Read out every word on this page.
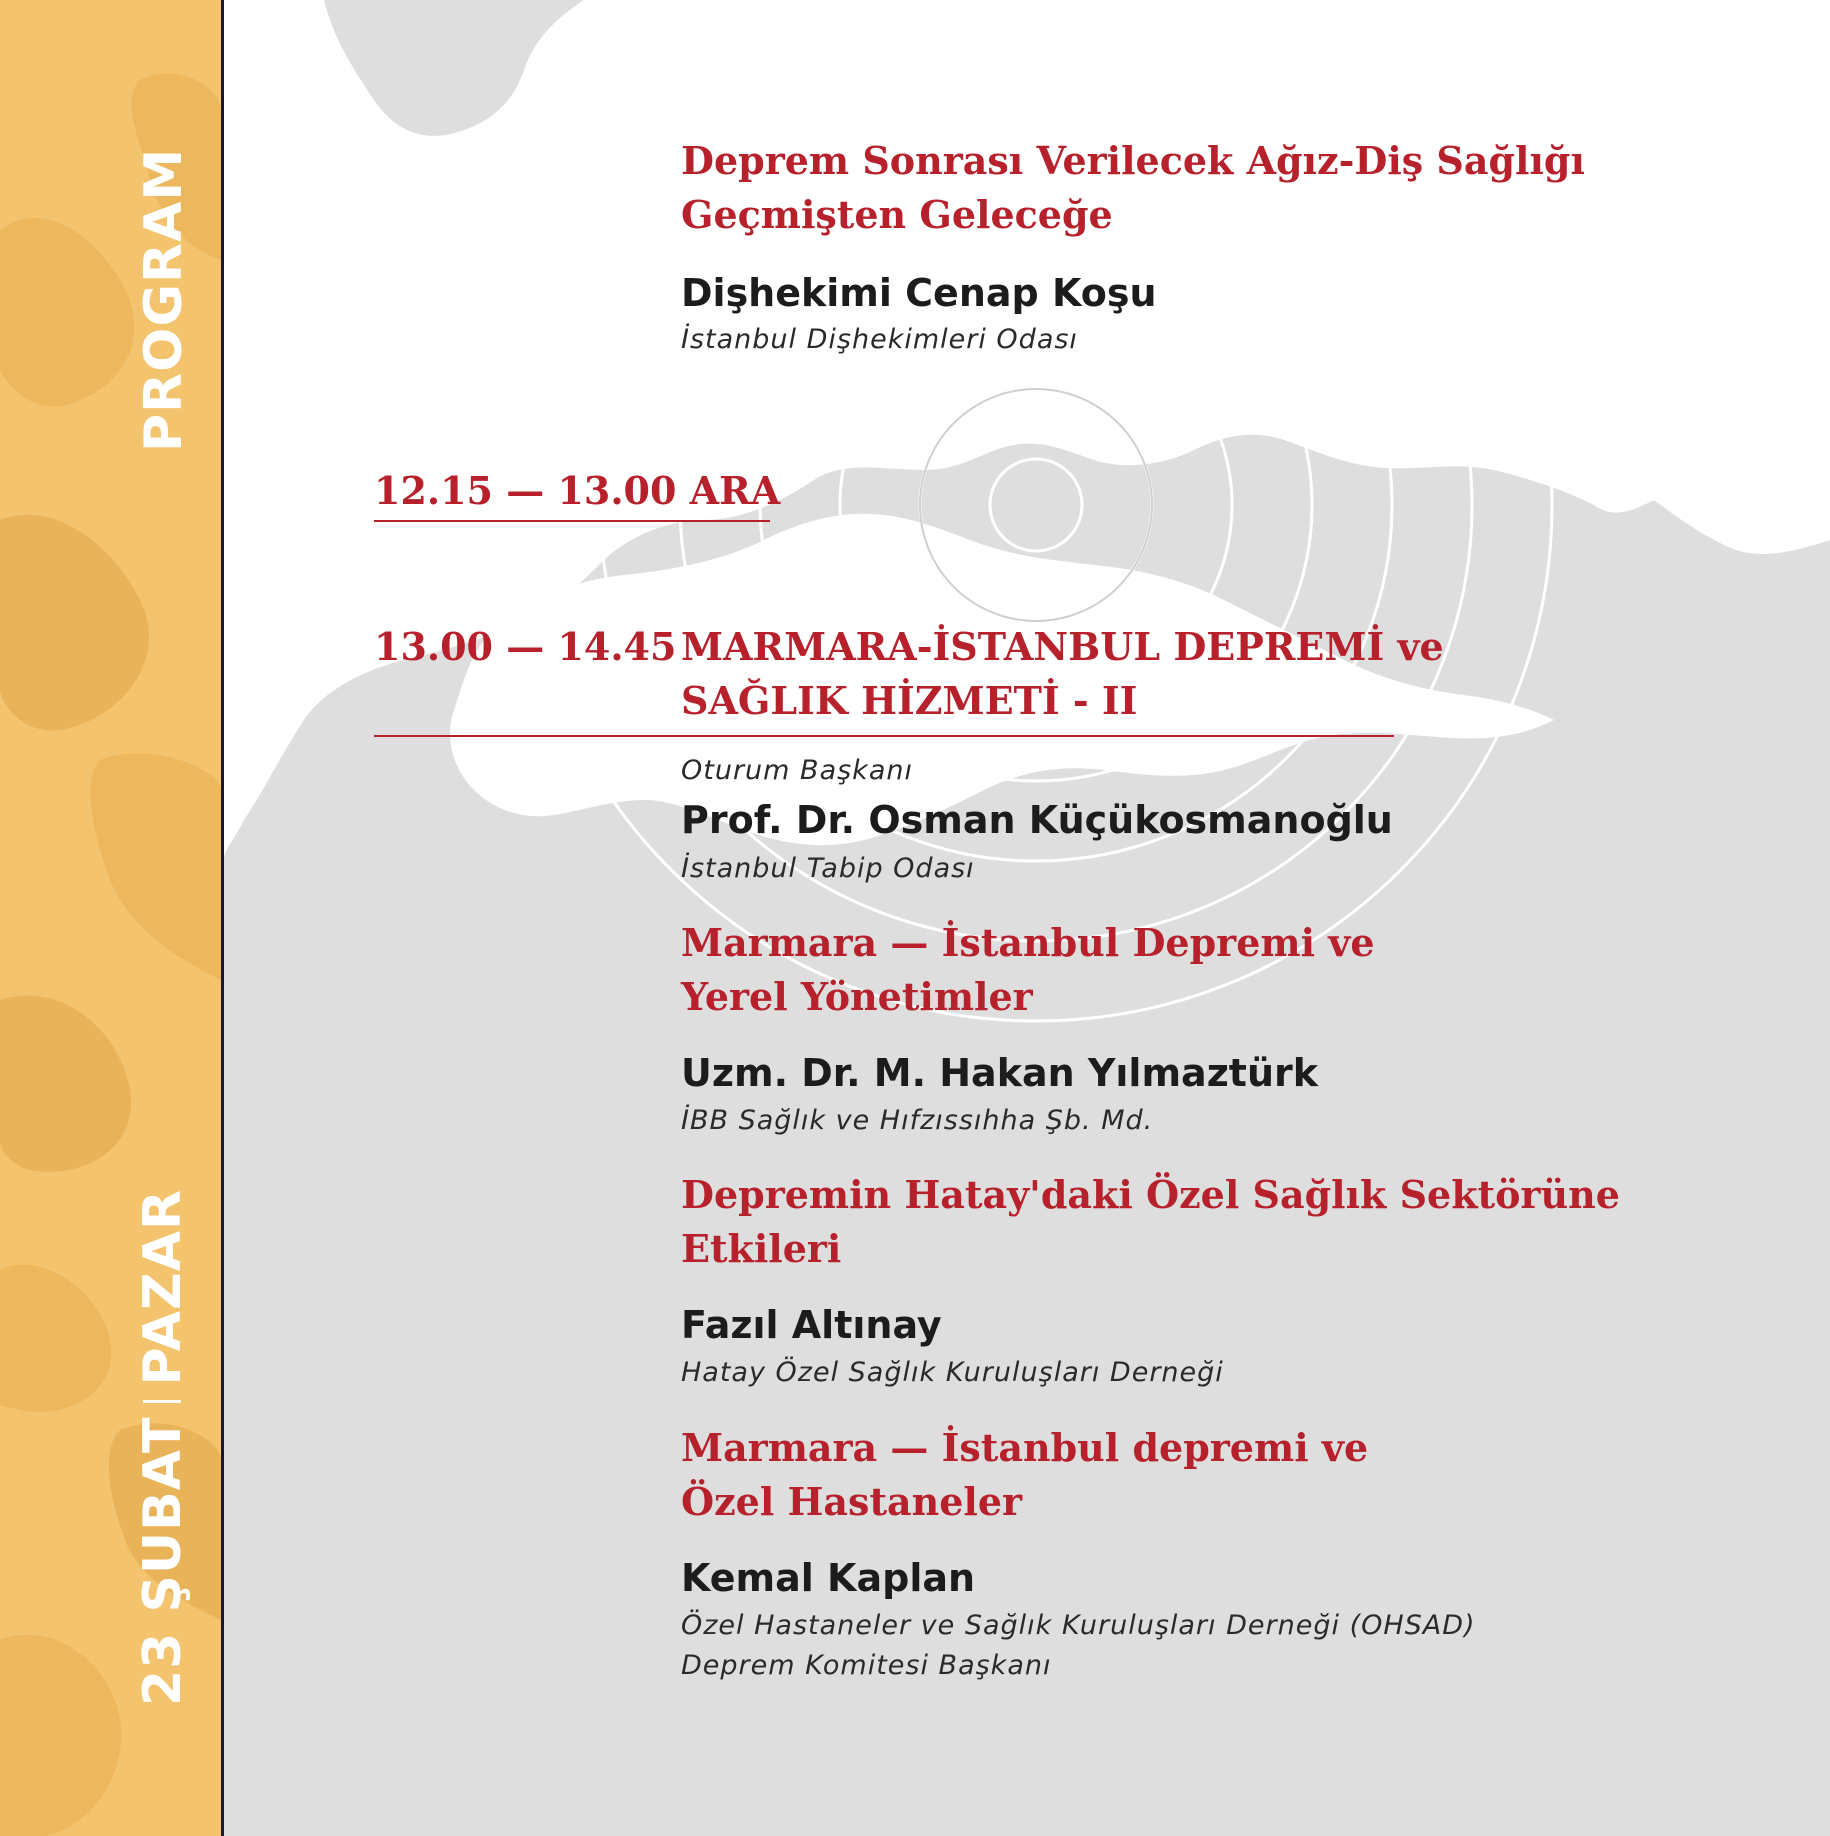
PROGRAM
23 ŞUBATPAZAR
Deprem Sonrası Verilecek Ağız-Diş Sağlığı
Geçmişten Geleceğe
Dişhekimi Cenap Koşu
İstanbul Dişhekimleri Odası
12.15 — 13.00 ARA
13.00 — 14.45 MARMARA-İSTANBUL DEPREMİ ve
SAĞLIK HİZMETİ - II
Oturum Başkanı
Prof. Dr. Osman Küçükosmanoğlu
İstanbul Tabip Odası
Marmara — İstanbul Depremi ve
Yerel Yönetimler
Uzm. Dr. M. Hakan Yılmaztürk
İBB Sağlık ve Hıfzıssıhha Şb. Md.
Depremin Hatay'daki Özel Sağlık Sektörüne
Etkileri
Fazıl Altınay
Hatay Özel Sağlık Kuruluşları Derneği
Marmara — İstanbul depremi ve
Özel Hastaneler
Kemal Kaplan
Özel Hastaneler ve Sağlık Kuruluşları Derneği (OHSAD)
Deprem Komitesi Başkanı
